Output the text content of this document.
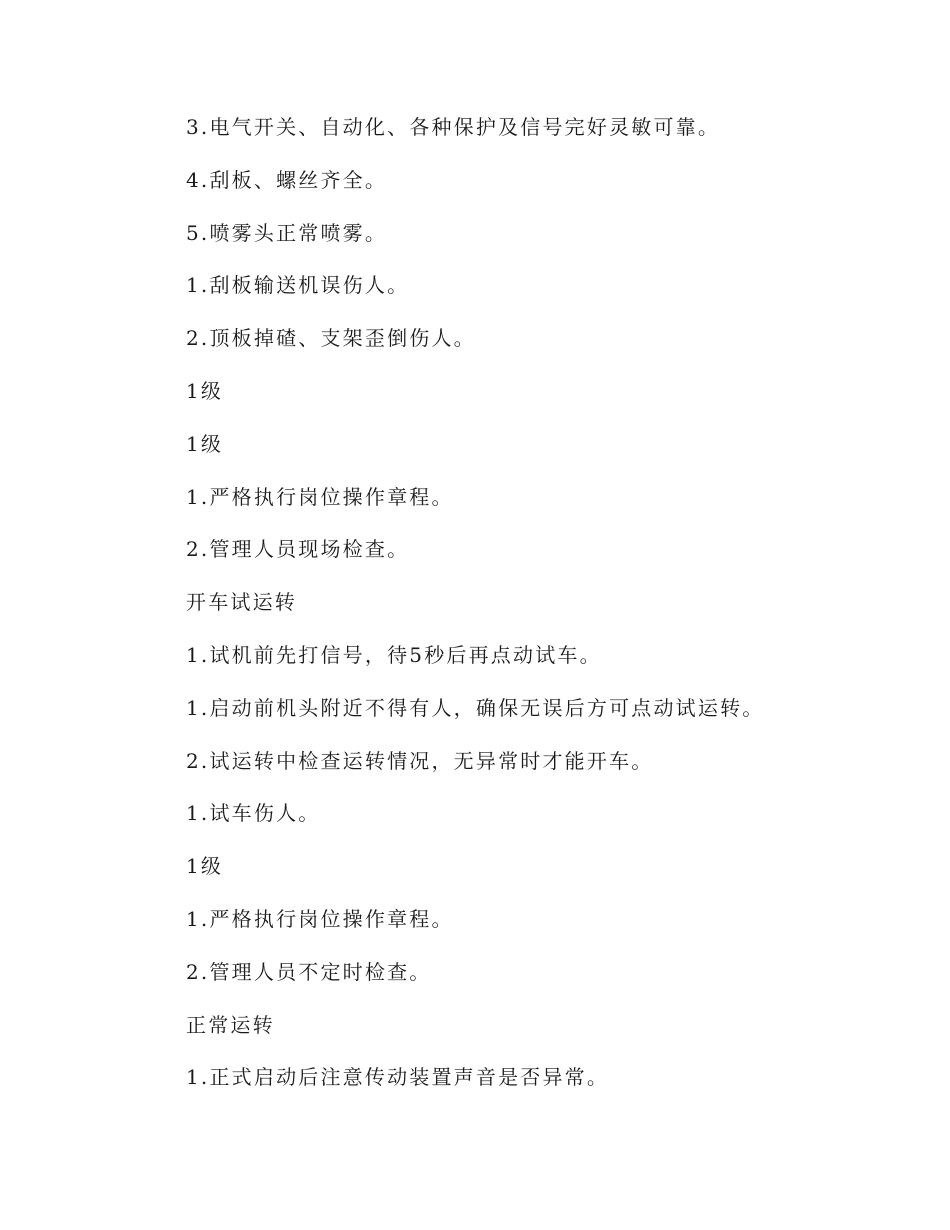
3.电气开关、自动化、各种保护及信号完好灵敏可靠。
4.刮板、螺丝齐全。
5.喷雾头正常喷雾。
1.刮板输送机误伤人。
2.顶板掉碴、支架歪倒伤人。
1级
1级
1.严格执行岗位操作章程。
2.管理人员现场检查。
开车试运转
1.试机前先打信号，待5秒后再点动试车。
1.启动前机头附近不得有人，确保无误后方可点动试运转。
2.试运转中检查运转情况，无异常时才能开车。
1.试车伤人。
1级
1.严格执行岗位操作章程。
2.管理人员不定时检查。
正常运转
1.正式启动后注意传动装置声音是否异常。
